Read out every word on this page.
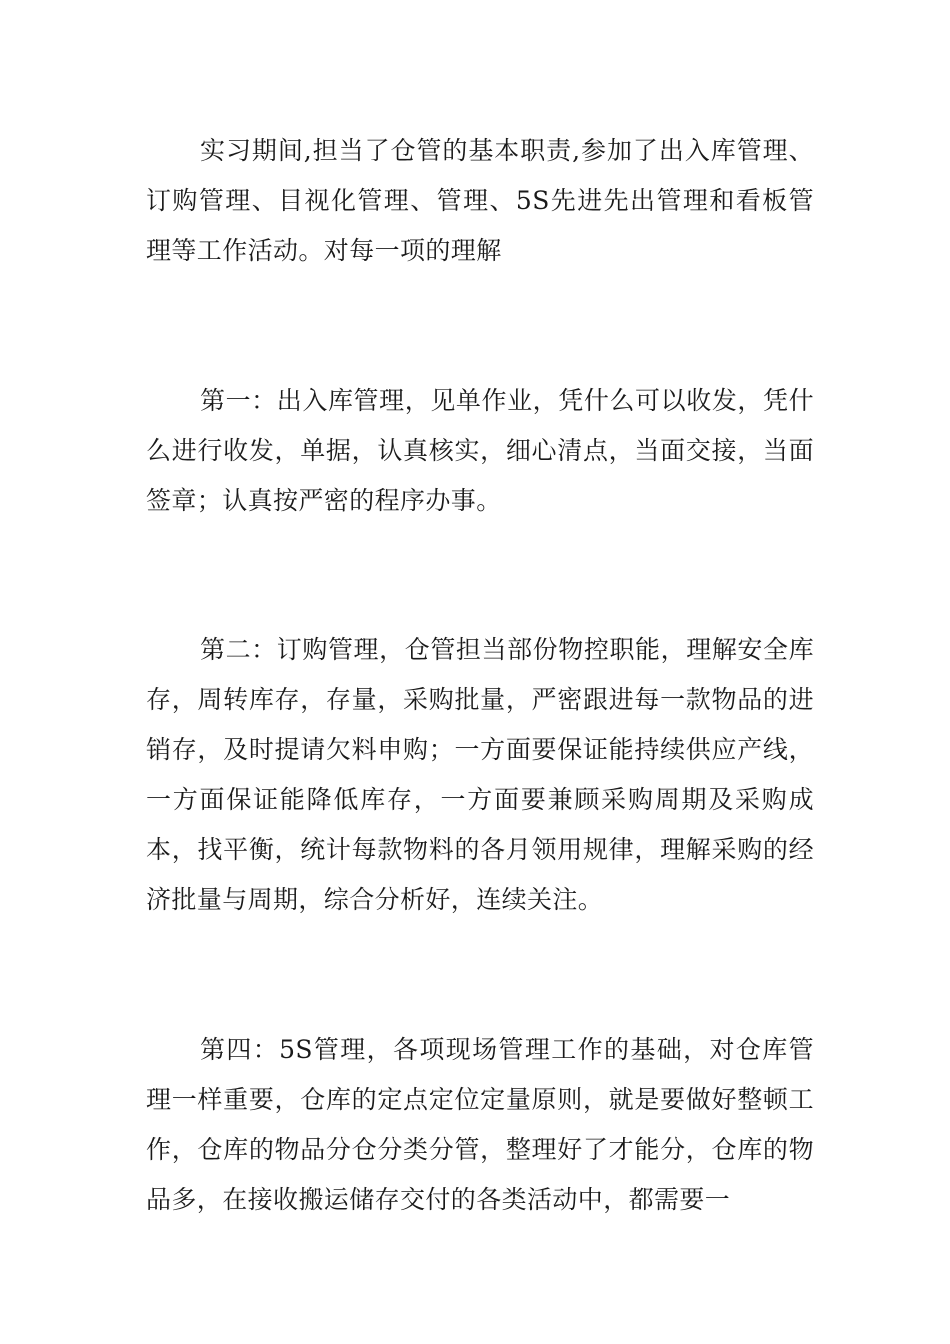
实习期间,担当了仓管的基本职责,参加了出入库管理、订购管理、目视化管理、管理、5S先进先出管理和看板管理等工作活动。对每一项的理解

第一：出入库管理，见单作业，凭什么可以收发，凭什么进行收发，单据，认真核实，细心清点，当面交接，当面签章；认真按严密的程序办事。

第二：订购管理，仓管担当部份物控职能，理解安全库存，周转库存，存量，采购批量，严密跟进每一款物品的进销存，及时提请欠料申购；一方面要保证能持续供应产线，一方面保证能降低库存，一方面要兼顾采购周期及采购成本，找平衡，统计每款物料的各月领用规律，理解采购的经济批量与周期，综合分析好，连续关注。

第四：5S管理，各项现场管理工作的基础，对仓库管理一样重要，仓库的定点定位定量原则，就是要做好整顿工作，仓库的物品分仓分类分管，整理好了才能分，仓库的物品多，在接收搬运储存交付的各类活动中，都需要一
